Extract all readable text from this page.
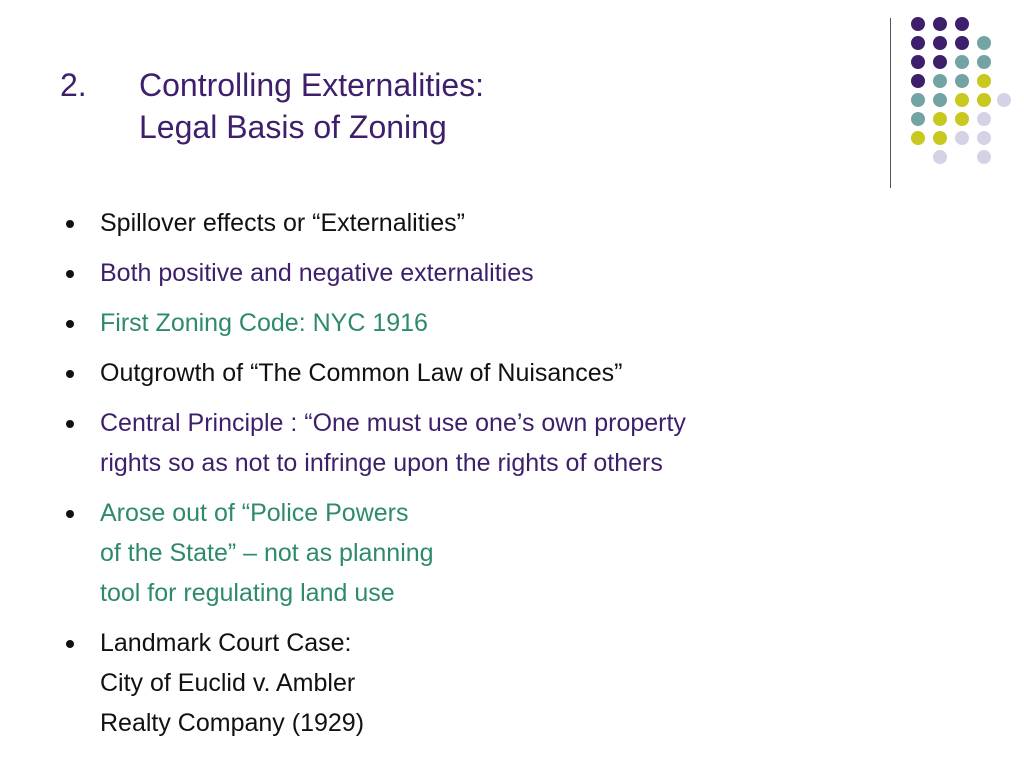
2.	Controlling Externalities:
Legal Basis of Zoning
Spillover effects or “Externalities”
Both positive and negative externalities
First Zoning Code: NYC 1916
Outgrowth of “The Common Law of Nuisances”
Central Principle : “One must use one’s own property
rights so as not to infringe upon the rights of others
Arose out of “Police Powers
of the State” – not as planning
tool for regulating land use
Landmark Court Case:
City of Euclid v. Ambler
Realty Company (1929)
